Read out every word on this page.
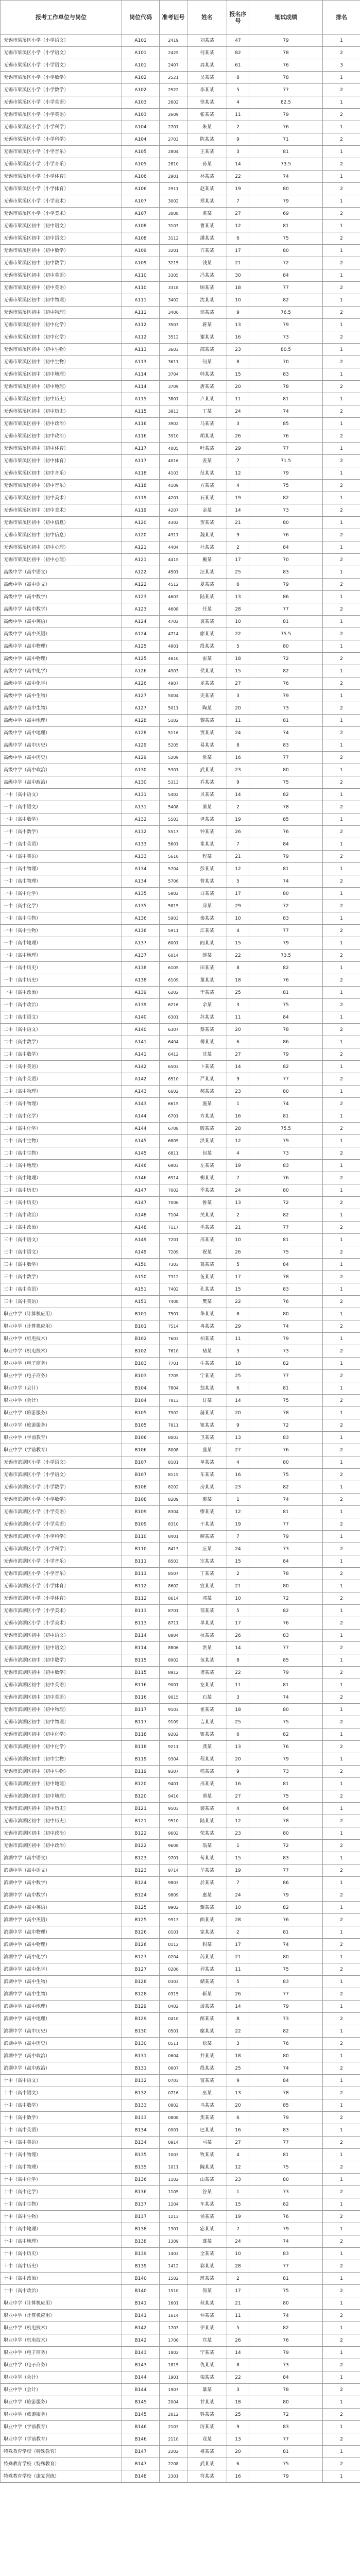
报考工作单位与岗位	岗位代码	准考证号	姓名	报名序号	笔试成绩	排名
无锡市梁溪区小学（小学语文）	A101	2419	刘某某	47	79	1
无锡市梁溪区小学（小学语文）	A101	2425	何某某	82	78	2
无锡市梁溪区小学（小学语文）	A101	2407	周某某	61	76	3
无锡市梁溪区小学（小学数学）	A102	2521	吴某某	8	78	1
无锡市梁溪区小学（小学数学）	A102	2522	李某某	5	77	2
无锡市梁溪区小学（小学英语）	A103	2602	徐某某	4	82.5	1
无锡市梁溪区小学（小学英语）	A103	2609	张某某	11	79	2
无锡市梁溪区小学（小学科学）	A104	2701	朱某	2	76	1
无锡市梁溪区小学（小学科学）	A104	2703	陈某某	9	71	2
无锡市梁溪区小学（小学音乐）	A105	2804	王某某	3	81	1
无锡市梁溪区小学（小学音乐）	A105	2810	孙某	14	73.5	2
无锡市梁溪区小学（小学体育）	A106	2901	林某某	22	74	1
无锡市梁溪区小学（小学体育）	A106	2911	赵某某	19	80	2
无锡市梁溪区小学（小学美术）	A107	3002	郑某某	7	79	1
无锡市梁溪区小学（小学美术）	A107	3008	黄某	27	69	2
无锡市梁溪区初中（初中语文）	A108	3103	曹某某	12	81	1
无锡市梁溪区初中（初中语文）	A108	3112	潘某某	6	75	2
无锡市梁溪区初中（初中数学）	A109	3201	许某某	17	80	1
无锡市梁溪区初中（初中数学）	A109	3215	钱某	21	72	2
无锡市梁溪区初中（初中英语）	A110	3305	冯某某	30	84	1
无锡市梁溪区初中（初中英语）	A110	3318	顾某某	18	77	2
无锡市梁溪区初中（初中物理）	A111	3402	沈某某	10	82	1
无锡市梁溪区初中（初中物理）	A111	3406	邹某某	9	76.5	2
无锡市梁溪区初中（初中化学）	A112	3507	蒋某	13	79	1
无锡市梁溪区初中（初中化学）	A112	3512	谢某某	16	73	2
无锡市梁溪区初中（初中生物）	A113	3603	邵某某	23	80.5	1
无锡市梁溪区初中（初中生物）	A113	3611	何某	8	70	2
无锡市梁溪区初中（初中地理）	A114	3704	韩某某	15	83	1
无锡市梁溪区初中（初中地理）	A114	3709	唐某某	20	78	2
无锡市梁溪区初中（初中历史）	A115	3801	卢某某	11	81	1
无锡市梁溪区初中（初中历史）	A115	3813	丁某	24	74	2
无锡市梁溪区初中（初中政治）	A116	3902	马某某	3	85	1
无锡市梁溪区初中（初中政治）	A116	3910	胡某某	26	76	2
无锡市梁溪区初中（初中体育）	A117	4005	叶某某	29	77	1
无锡市梁溪区初中（初中体育）	A117	4016	姜某	7	71.5	2
无锡市梁溪区初中（初中音乐）	A118	4103	范某某	12	79	1
无锡市梁溪区初中（初中音乐）	A118	4109	方某某	4	75	2
无锡市梁溪区初中（初中美术）	A119	4201	石某某	19	82	1
无锡市梁溪区初中（初中美术）	A119	4207	金某	14	73	2
无锡市梁溪区初中（初中信息）	A120	4302	贺某某	21	80	1
无锡市梁溪区初中（初中信息）	A120	4311	魏某某	9	76	2
无锡市梁溪区初中（初中心理）	A121	4404	杜某某	2	84	1
无锡市梁溪区初中（初中心理）	A121	4415	戴某	17	70	2
高级中学（高中语文）	A122	4501	汪某某	25	83	1
高级中学（高中语文）	A122	4512	夏某某	6	79	2
高级中学（高中数学）	A123	4603	陆某某	13	86	1
高级中学（高中数学）	A123	4608	任某	28	77	2
高级中学（高中英语）	A124	4702	袁某某	10	81	1
高级中学（高中英语）	A124	4714	廖某某	22	75.5	2
高级中学（高中物理）	A125	4801	段某某	5	80	1
高级中学（高中物理）	A125	4810	雷某	18	72	2
高级中学（高中化学）	A126	4903	侯某某	15	82	1
高级中学（高中化学）	A126	4907	龙某某	27	76	2
高级中学（高中生物）	A127	5004	史某某	3	79	1
高级中学（高中生物）	A127	5011	陶某	20	73	2
高级中学（高中地理）	A128	5102	黎某某	11	81	1
高级中学（高中地理）	A128	5116	贾某某	24	74	2
高级中学（高中历史）	A129	5205	易某某	8	83	1
高级中学（高中历史）	A129	5209	常某	16	77	2
高级中学（高中政治）	A130	5301	武某某	23	80	1
高级中学（高中政治）	A130	5313	乔某某	9	75	2
一中（高中语文）	A131	5402	贝某某	14	82	1
一中（高中语文）	A131	5408	萧某	2	78	2
一中（高中数学）	A132	5503	尹某某	19	85	1
一中（高中数学）	A132	5517	钟某某	26	76	2
一中（高中英语）	A133	5601	崔某某	7	84	1
一中（高中英语）	A133	5610	程某	21	79	2
一中（高中物理）	A134	5704	彭某某	12	81	1
一中（高中物理）	A134	5706	曾某某	5	74	2
一中（高中化学）	A135	5802	白某某	17	80	1
一中（高中化学）	A135	5815	邱某	29	72	2
一中（高中生物）	A136	5903	秦某某	10	83	1
一中（高中生物）	A136	5911	江某某	4	77	2
一中（高中地理）	A137	6001	阎某某	15	79	1
一中（高中地理）	A137	6014	薛某	22	73.5	2
一中（高中历史）	A138	6105	田某某	8	82	1
一中（高中历史）	A138	6109	董某某	18	76	2
一中（高中政治）	A139	6202	于某某	25	81	1
一中（高中政治）	A139	6216	余某	3	75	2
二中（高中语文）	A140	6301	苏某某	11	84	1
二中（高中语文）	A140	6307	蔡某某	20	78	2
二中（高中数学）	A141	6404	傅某某	6	86	1
二中（高中数学）	A141	6412	沈某	27	79	2
二中（高中英语）	A142	6503	卜某某	14	82	1
二中（高中英语）	A142	6510	严某某	9	77	2
二中（高中物理）	A143	6602	郝某某	23	80	1
二中（高中物理）	A143	6615	施某	1	74	2
二中（高中化学）	A144	6701	方某某	16	81	1
二中（高中化学）	A144	6708	殷某某	28	75.5	2
二中（高中生物）	A145	6805	洪某某	12	79	1
二中（高中生物）	A145	6811	包某	4	73	2
二中（高中地理）	A146	6903	左某某	19	83	1
二中（高中地理）	A146	6914	柳某某	7	76	2
二中（高中历史）	A147	7002	季某某	24	80	1
二中（高中历史）	A147	7006	鲁某	13	72	2
二中（高中政治）	A148	7104	关某某	2	82	1
二中（高中政治）	A148	7117	毛某某	21	77	2
三中（高中语文）	A149	7201	邢某某	10	81	1
三中（高中语文）	A149	7209	祝某	26	75	2
三中（高中数学）	A150	7303	葛某某	5	84	1
三中（高中数学）	A150	7312	伍某某	17	78	2
三中（高中英语）	A151	7402	孔某某	15	83	1
三中（高中英语）	A151	7408	樊某	22	76	2
职业中学（计算机应用）	B101	7501	华某某	8	80	1
职业中学（计算机应用）	B101	7514	冉某某	29	74	2
职业中学（机电技术）	B102	7603	柏某某	11	79	1
职业中学（机电技术）	B102	7610	褚某	3	73	2
职业中学（电子商务）	B103	7701	牛某某	18	82	1
职业中学（电子商务）	B103	7705	宁某某	25	77	2
职业中学（会计）	B104	7804	翁某某	6	81	1
职业中学（会计）	B104	7813	甘某	14	75	2
职业中学（旅游服务）	B105	7902	蒲某某	20	78	1
职业中学（旅游服务）	B105	7911	钮某某	9	72	2
职业中学（学前教育）	B106	8003	卫某某	13	83	1
职业中学（学前教育）	B106	8008	盛某	27	76	2
无锡市滨湖区小学（小学语文）	B107	8101	单某某	4	80	1
无锡市滨湖区小学（小学语文）	B107	8115	车某某	16	75	2
无锡市滨湖区小学（小学数学）	B108	8202	房某某	23	82	1
无锡市滨湖区小学（小学数学）	B108	8209	裘某	1	74	2
无锡市滨湖区小学（小学英语）	B109	8304	缪某某	12	81	1
无锡市滨湖区小学（小学英语）	B109	8310	干某某	19	77	2
无锡市滨湖区小学（小学科学）	B110	8401	解某某	7	79	1
无锡市滨湖区小学（小学科学）	B110	8413	应某	24	73	2
无锡市滨湖区小学（小学音乐）	B111	8503	宗某某	15	84	1
无锡市滨湖区小学（小学音乐）	B111	8507	丁某某	2	78	2
无锡市滨湖区小学（小学体育）	B112	8602	宣某某	21	80	1
无锡市滨湖区小学（小学体育）	B112	8614	邓某	10	72	2
无锡市滨湖区小学（小学美术）	B113	8701	郁某某	5	82	1
无锡市滨湖区小学（小学美术）	B113	8711	单某某	17	76	2
无锡市滨湖区初中（初中语文）	B114	8804	杭某某	26	83	1
无锡市滨湖区初中（初中语文）	B114	8806	洪某	14	77	2
无锡市滨湖区初中（初中数学）	B115	8902	包某某	8	85	1
无锡市滨湖区初中（初中数学）	B115	8912	诸某某	22	79	2
无锡市滨湖区初中（初中英语）	B116	9001	左某某	11	81	1
无锡市滨湖区初中（初中英语）	B116	9015	石某	3	74	2
无锡市滨湖区初中（初中物理）	B117	9103	崔某某	18	80	1
无锡市滨湖区初中（初中物理）	B117	9109	吉某某	25	75	2
无锡市滨湖区初中（初中化学）	B118	9202	钮某某	6	82	1
无锡市滨湖区初中（初中化学）	B118	9211	龚某	13	76	2
无锡市滨湖区初中（初中生物）	B119	9304	程某某	20	79	1
无锡市滨湖区初中（初中生物）	B119	9307	嵇某某	9	73	2
无锡市滨湖区初中（初中地理）	B120	9401	邢某某	16	81	1
无锡市滨湖区初中（初中地理）	B120	9416	滑某	27	75	2
无锡市滨湖区初中（初中历史）	B121	9503	裴某某	4	84	1
无锡市滨湖区初中（初中历史）	B121	9510	陆某某	12	78	2
无锡市滨湖区初中（初中政治）	B122	9602	荣某某	23	80	1
无锡市滨湖区初中（初中政治）	B122	9608	翁某	1	72	2
滨湖中学（高中语文）	B123	9701	荀某某	15	83	1
滨湖中学（高中语文）	B123	9714	羊某某	19	77	2
滨湖中学（高中数学）	B124	9803	於某某	7	86	1
滨湖中学（高中数学）	B124	9809	惠某	24	79	2
滨湖中学（高中英语）	B125	9902	甄某某	10	82	1
滨湖中学（高中英语）	B125	9913	曲某某	28	76	2
滨湖中学（高中物理）	B126	0101	家某某	2	81	1
滨湖中学（高中物理）	B126	0112	封某	17	74	2
滨湖中学（高中化学）	B127	0204	芮某某	21	80	1
滨湖中学（高中化学）	B127	0206	羿某某	11	75	2
滨湖中学（高中生物）	B128	0303	储某某	5	83	1
滨湖中学（高中生物）	B128	0315	靳某	26	77	2
滨湖中学（高中地理）	B129	0402	汲某某	14	79	1
滨湖中学（高中地理）	B129	0410	邴某某	8	73	2
滨湖中学（高中历史）	B130	0501	糜某某	22	82	1
滨湖中学（高中历史）	B130	0511	松某	3	76	2
滨湖中学（高中政治）	B131	0604	井某某	18	80	1
滨湖中学（高中政治）	B131	0607	段某某	25	74	2
十中（高中语文）	B132	0703	富某某	9	84	1
十中（高中语文）	B132	0716	巫某	13	78	2
十中（高中数学）	B133	0802	乌某某	20	85	1
十中（高中数学）	B133	0808	焦某某	6	79	2
十中（高中英语）	B134	0901	巴某某	16	83	1
十中（高中英语）	B134	0914	弓某	27	77	2
十中（高中物理）	B135	1003	牧某某	4	81	1
十中（高中物理）	B135	1011	隗某某	12	75	2
十中（高中化学）	B136	1102	山某某	23	80	1
十中（高中化学）	B136	1105	谷某	1	73	2
十中（高中生物）	B137	1204	车某某	15	82	1
十中（高中生物）	B137	1213	侯某某	19	76	2
十中（高中地理）	B138	1301	宓某某	7	79	1
十中（高中地理）	B138	1309	蓬某	24	74	2
十中（高中历史）	B139	1403	全某某	10	83	1
十中（高中历史）	B139	1412	郗某某	28	77	2
十中（高中政治）	B140	1502	班某某	2	81	1
十中（高中政治）	B140	1510	仰某	17	75	2
职业中学（计算机应用）	B141	1601	秋某某	21	80	1
职业中学（计算机应用）	B141	1614	仲某某	11	74	2
职业中学（机电技术）	B142	1703	伊某某	5	82	1
职业中学（机电技术）	B142	1706	宫某	26	76	2
职业中学（电子商务）	B143	1802	宁某某	14	79	1
职业中学（电子商务）	B143	1815	仇某某	8	73	2
职业中学（会计）	B144	1901	栾某某	22	84	1
职业中学（会计）	B144	1907	暴某	3	78	2
职业中学（旅游服务）	B145	2004	甘某某	18	80	1
职业中学（旅游服务）	B145	2012	钭某某	25	72	2
职业中学（学前教育）	B146	2103	厉某某	9	83	1
职业中学（学前教育）	B146	2110	戎某	13	77	2
特殊教育学校（特殊教育）	B147	2202	祖某某	20	81	1
特殊教育学校（特殊教育）	B147	2208	武某某	6	75	2
特殊教育学校（康复训练）	B148	2301	符某某	16	79	1
